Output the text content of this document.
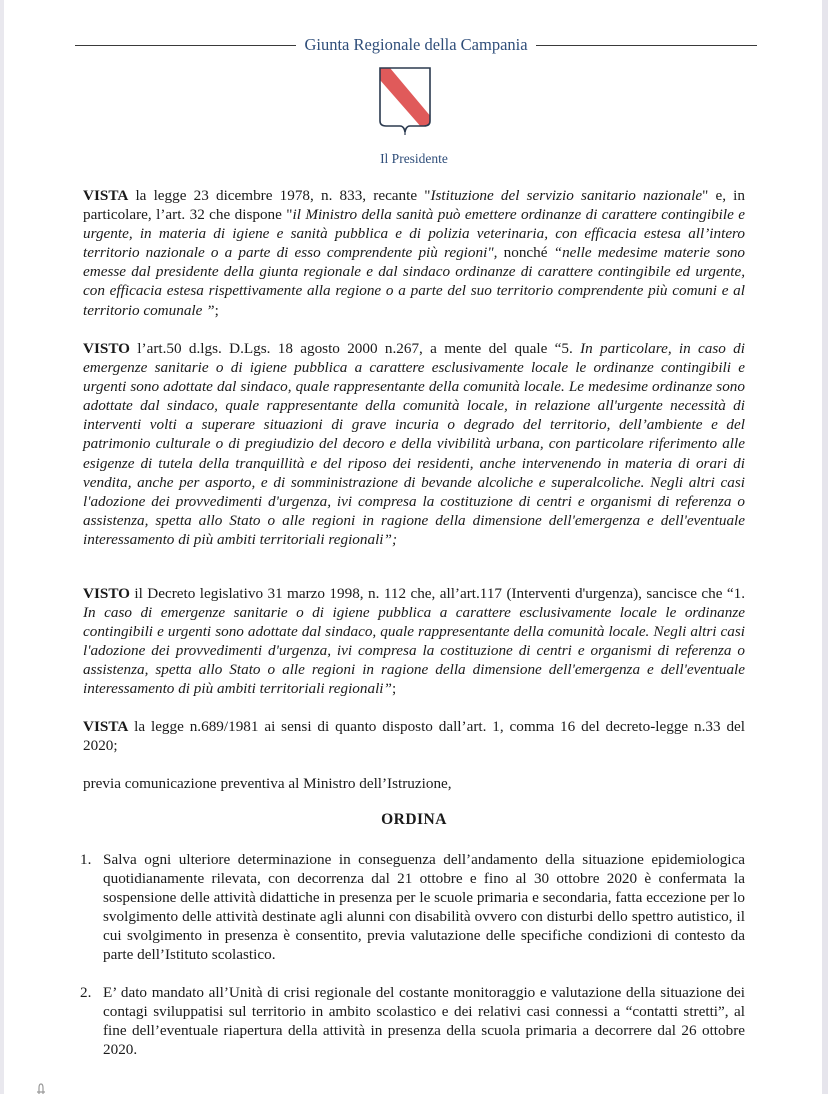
Giunta Regionale della Campania
Il Presidente
VISTA la legge 23 dicembre 1978, n. 833, recante "Istituzione del servizio sanitario nazionale" e, in particolare, l’art. 32 che dispone "il Ministro della sanità può emettere ordinanze di carattere contingibile e urgente, in materia di igiene e sanità pubblica e di polizia veterinaria, con efficacia estesa all’intero territorio nazionale o a parte di esso comprendente più regioni", nonché “nelle medesime materie sono emesse dal presidente della giunta regionale e dal sindaco ordinanze di carattere contingibile ed urgente, con efficacia estesa rispettivamente alla regione o a parte del suo territorio comprendente più comuni e al territorio comunale ”;
VISTO l’art.50 d.lgs. D.Lgs. 18 agosto 2000 n.267, a mente del quale “5. In particolare, in caso di emergenze sanitarie o di igiene pubblica a carattere esclusivamente locale le ordinanze contingibili e urgenti sono adottate dal sindaco, quale rappresentante della comunità locale. Le medesime ordinanze sono adottate dal sindaco, quale rappresentante della comunità locale, in relazione all'urgente necessità di interventi volti a superare situazioni di grave incuria o degrado del territorio, dell’ambiente e del patrimonio culturale o di pregiudizio del decoro e della vivibilità urbana, con particolare riferimento alle esigenze di tutela della tranquillità e del riposo dei residenti, anche intervenendo in materia di orari di vendita, anche per asporto, e di somministrazione di bevande alcoliche e superalcoliche. Negli altri casi l'adozione dei provvedimenti d'urgenza, ivi compresa la costituzione di centri e organismi di referenza o assistenza, spetta allo Stato o alle regioni in ragione della dimensione dell'emergenza e dell'eventuale interessamento di più ambiti territoriali regionali”;
VISTO il Decreto legislativo 31 marzo 1998, n. 112 che, all’art.117 (Interventi d'urgenza), sancisce che “1. In caso di emergenze sanitarie o di igiene pubblica a carattere esclusivamente locale le ordinanze contingibili e urgenti sono adottate dal sindaco, quale rappresentante della comunità locale. Negli altri casi l'adozione dei provvedimenti d'urgenza, ivi compresa la costituzione di centri e organismi di referenza o assistenza, spetta allo Stato o alle regioni in ragione della dimensione dell'emergenza e dell'eventuale interessamento di più ambiti territoriali regionali”;
VISTA la legge n.689/1981 ai sensi di quanto disposto dall’art. 1, comma 16 del decreto-legge n.33 del 2020;
previa comunicazione preventiva al Ministro dell’Istruzione,
ORDINA
1. Salva ogni ulteriore determinazione in conseguenza dell’andamento della situazione epidemiologica quotidianamente rilevata, con decorrenza dal 21 ottobre e fino al 30 ottobre 2020 è confermata la sospensione delle attività didattiche in presenza per le scuole primaria e secondaria, fatta eccezione per lo svolgimento delle attività destinate agli alunni con disabilità ovvero con disturbi dello spettro autistico, il cui svolgimento in presenza è consentito, previa valutazione delle specifiche condizioni di contesto da parte dell’Istituto scolastico.
2. E’ dato mandato all’Unità di crisi regionale del costante monitoraggio e valutazione della situazione dei contagi sviluppatisi sul territorio in ambito scolastico e dei relativi casi connessi a “contatti stretti”, al fine dell’eventuale riapertura della attività in presenza della scuola primaria a decorrere dal 26 ottobre 2020.
